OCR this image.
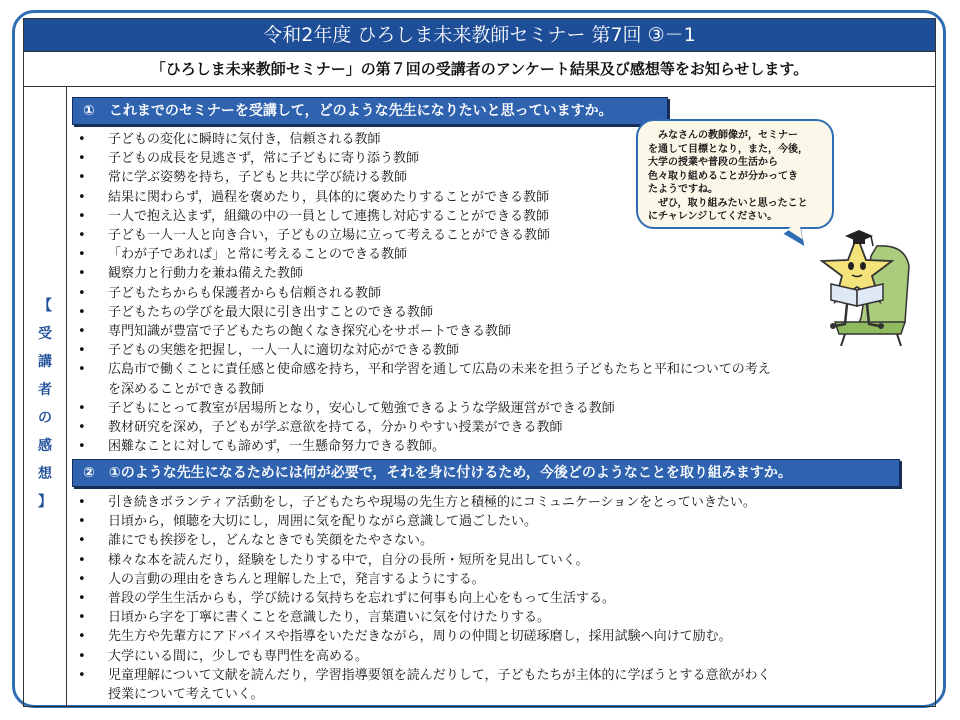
令和2年度 ひろしま未来教師セミナー 第7回 ③－1
「ひろしま未来教師セミナー」の第７回の受講者のアンケート結果及び感想等をお知らせします。
【
受
講
者
の
感
想
】
①　これまでのセミナーを受講して，どのような先生になりたいと思っていますか。
• 子どもの変化に瞬時に気付き，信頼される教師
• 子どもの成長を見逃さず，常に子どもに寄り添う教師
• 常に学ぶ姿勢を持ち，子どもと共に学び続ける教師
• 結果に関わらず，過程を褒めたり，具体的に褒めたりすることができる教師
• 一人で抱え込まず，組織の中の一員として連携し対応することができる教師
• 子ども一人一人と向き合い，子どもの立場に立って考えることができる教師
• 「わが子であれば」と常に考えることのできる教師
• 観察力と行動力を兼ね備えた教師
• 子どもたちからも保護者からも信頼される教師
• 子どもたちの学びを最大限に引き出すことのできる教師
• 専門知識が豊富で子どもたちの飽くなき探究心をサポートできる教師
• 子どもの実態を把握し，一人一人に適切な対応ができる教師
• 広島市で働くことに責任感と使命感を持ち，平和学習を通して広島の未来を担う子どもたちと平和についての考え
を深めることができる教師
• 子どもにとって教室が居場所となり，安心して勉強できるような学級運営ができる教師
• 教材研究を深め，子どもが学ぶ意欲を持てる，分かりやすい授業ができる教師
• 困難なことに対しても諦めず，一生懸命努力できる教師。
②　①のような先生になるためには何が必要で，それを身に付けるため，今後どのようなことを取り組みますか。
• 引き続きボランティア活動をし，子どもたちや現場の先生方と積極的にコミュニケーションをとっていきたい。
• 日頃から，傾聴を大切にし，周囲に気を配りながら意識して過ごしたい。
• 誰にでも挨拶をし，どんなときでも笑顔をたやさない。
• 様々な本を読んだり，経験をしたりする中で，自分の長所・短所を見出していく。
• 人の言動の理由をきちんと理解した上で，発言するようにする。
• 普段の学生生活からも，学び続ける気持ちを忘れずに何事も向上心をもって生活する。
• 日頃から字を丁寧に書くことを意識したり，言葉遣いに気を付けたりする。
• 先生方や先輩方にアドバイスや指導をいただきながら，周りの仲間と切磋琢磨し，採用試験へ向けて励む。
• 大学にいる間に，少しでも専門性を高める。
• 児童理解について文献を読んだり，学習指導要領を読んだりして，子どもたちが主体的に学ぼうとする意欲がわく
授業について考えていく。
　みなさんの教師像が，セミナー
を通して目標となり，また，今後，
大学の授業や普段の生活から
色々取り組めることが分かってき
たようですね。
　ぜひ，取り組みたいと思ったこと
にチャレンジしてください。
